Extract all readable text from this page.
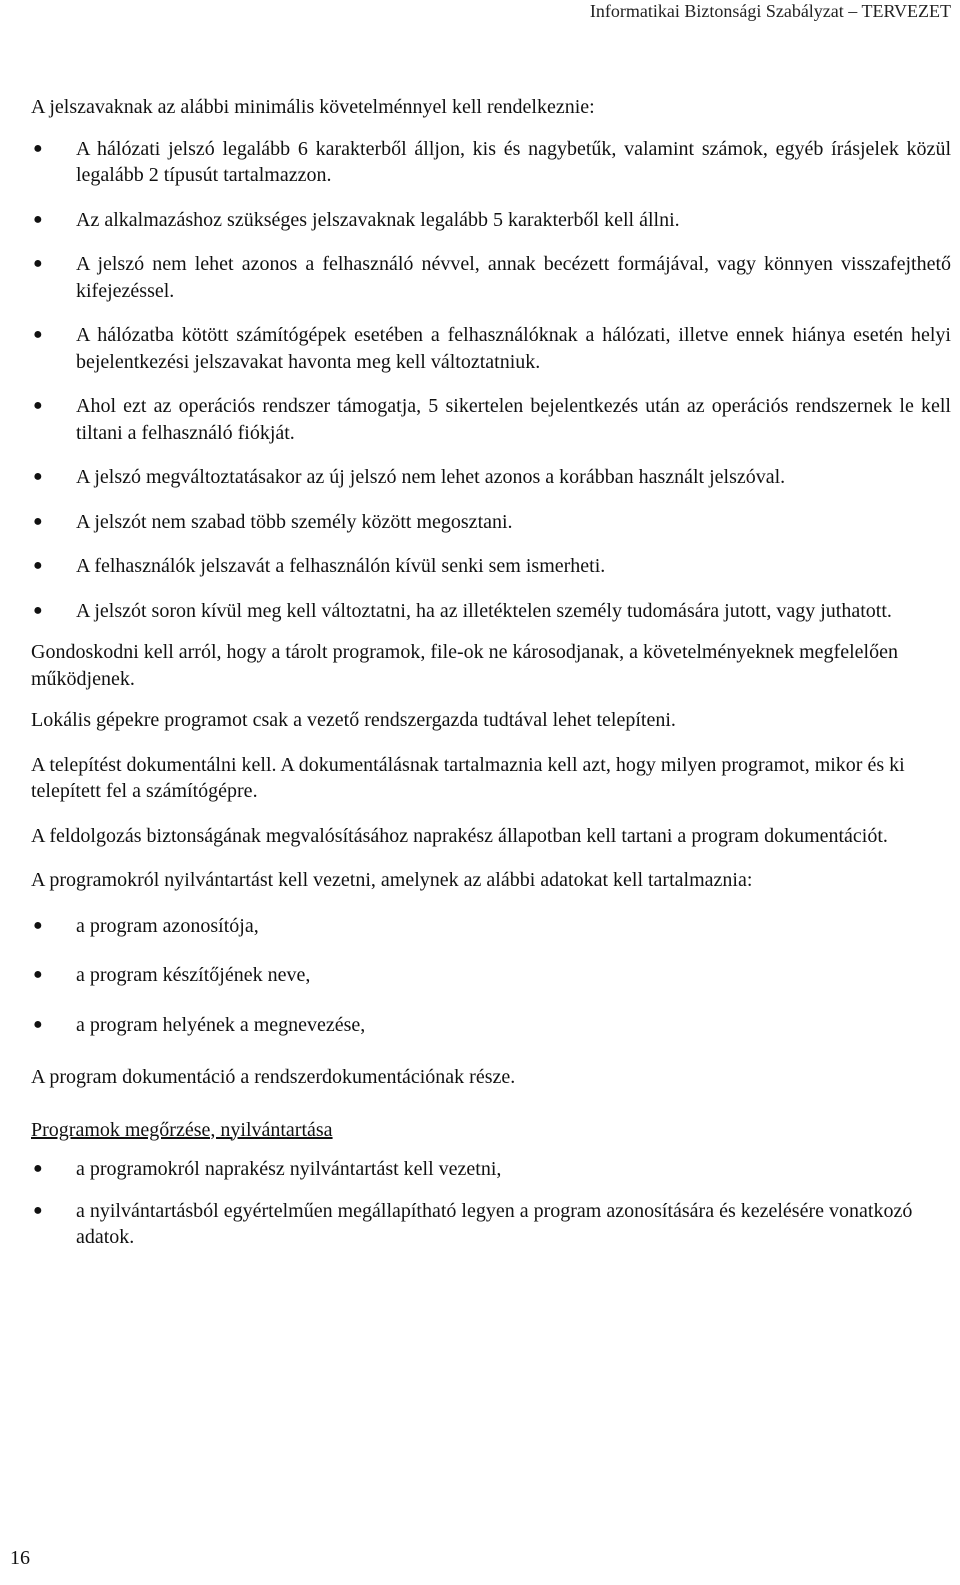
Informatikai Biztonsági Szabályzat – TERVEZET

A jelszavaknak az alábbi minimális követelménnyel kell rendelkeznie:

● A hálózati jelszó legalább 6 karakterből álljon, kis és nagybetűk, valamint számok, egyéb írásjelek közül legalább 2 típusút tartalmazzon.
● Az alkalmazáshoz szükséges jelszavaknak legalább 5 karakterből kell állni.
● A jelszó nem lehet azonos a felhasználó névvel, annak becézett formájával, vagy könnyen visszafejthető kifejezéssel.
● A hálózatba kötött számítógépek esetében a felhasználóknak a hálózati, illetve ennek hiánya esetén helyi bejelentkezési jelszavakat havonta meg kell változtatniuk.
● Ahol ezt az operációs rendszer támogatja, 5 sikertelen bejelentkezés után az operációs rendszernek le kell tiltani a felhasználó fiókját.
● A jelszó megváltoztatásakor az új jelszó nem lehet azonos a korábban használt jelszóval.
● A jelszót nem szabad több személy között megosztani.
● A felhasználók jelszavát a felhasználón kívül senki sem ismerheti.
● A jelszót soron kívül meg kell változtatni, ha az illetéktelen személy tudomására jutott, vagy juthatott.

Gondoskodni kell arról, hogy a tárolt programok, file-ok ne károsodjanak, a követelményeknek megfelelően működjenek.

Lokális gépekre programot csak a vezető rendszergazda tudtával lehet telepíteni.

A telepítést dokumentálni kell. A dokumentálásnak tartalmaznia kell azt, hogy milyen programot, mikor és ki telepített fel a számítógépre.

A feldolgozás biztonságának megvalósításához naprakész állapotban kell tartani a program dokumentációt.

A programokról nyilvántartást kell vezetni, amelynek az alábbi adatokat kell tartalmaznia:

● a program azonosítója,
● a program készítőjének neve,
● a program helyének a megnevezése,

A program dokumentáció a rendszerdokumentációnak része.

Programok megőrzése, nyilvántartása

● a programokról naprakész nyilvántartást kell vezetni,
● a nyilvántartásból egyértelműen megállapítható legyen a program azonosítására és kezelésére vonatkozó adatok.
16
